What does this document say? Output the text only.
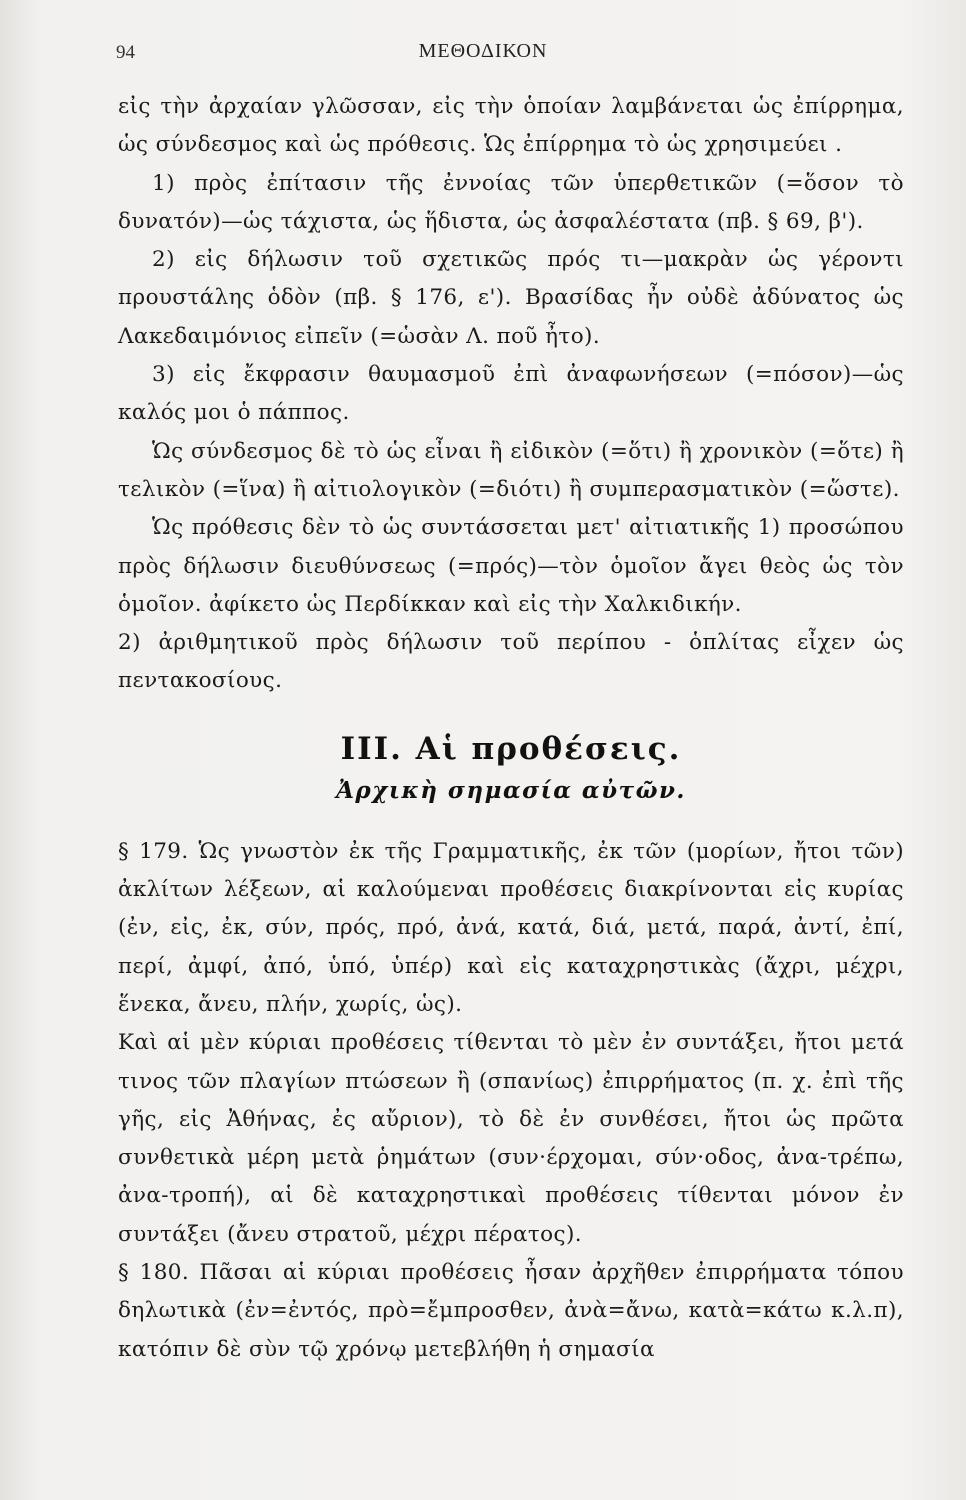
94	ΜΕΘΟΔΙΚΟΝ

εἰς τὴν ἀρχαίαν γλῶσσαν, εἰς τὴν ὁποίαν λαμβάνεται ὡς ἐπίρρημα, ὡς σύνδεσμος καὶ ὡς πρόθεσις. Ὡς ἐπίρρημα τὸ ὡς χρησιμεύει .

1) πρὸς ἐπίτασιν τῆς ἐννοίας τῶν ὑπερθετικῶν (=ὅσον τὸ δυνατόν)—ὡς τάχιστα, ὡς ἥδιστα, ὡς ἀσφαλέστατα (πβ. § 69, β').

2) εἰς δήλωσιν τοῦ σχετικῶς πρός τι—μακρὰν ὡς γέροντι προυστάλης ὁδὸν (πβ. § 176, ε'). Βρασίδας ἦν οὐδὲ ἀδύνατος ὡς Λακεδαιμόνιος εἰπεῖν (=ὡσὰν Λ. ποῦ ἦτο).

3) εἰς ἔκφρασιν θαυμασμοῦ ἐπὶ ἀναφωνήσεων (=πόσον)—ὡς καλός μοι ὁ πάππος.

Ὡς σύνδεσμος δὲ τὸ ὡς εἶναι ἢ εἰδικὸν (=ὅτι) ἢ χρονικὸν (=ὅτε) ἢ τελικὸν (=ἵνα) ἢ αἰτιολογικὸν (=διότι) ἢ συμπερασματικὸν (=ὥστε).

Ὡς πρόθεσις δὲν τὸ ὡς συντάσσεται μετ' αἰτιατικῆς 1) προσώπου πρὸς δήλωσιν διευθύνσεως (=πρός)—τὸν ὁμοῖον ἄγει θεὸς ὡς τὸν ὁμοῖον. ἀφίκετο ὡς Περδίκκαν καὶ εἰς τὴν Χαλκιδικήν.

2) ἀριθμητικοῦ πρὸς δήλωσιν τοῦ περίπου - ὁπλίτας εἶχεν ὡς πεντακοσίους.

ΙΙΙ. Αἱ προθέσεις.
Ἀρχικὴ σημασία αὐτῶν.

§ 179. Ὡς γνωστὸν ἐκ τῆς Γραμματικῆς, ἐκ τῶν (μορίων, ἤτοι τῶν) ἀκλίτων λέξεων, αἱ καλούμεναι προθέσεις διακρίνονται εἰς κυρίας (ἐν, εἰς, ἐκ, σύν, πρός, πρό, ἀνά, κατά, διά, μετά, παρά, ἀντί, ἐπί, περί, ἀμφί, ἀπό, ὑπό, ὑπέρ) καὶ εἰς καταχρηστικὰς (ἄχρι, μέχρι, ἕνεκα, ἄνευ, πλήν, χωρίς, ὡς).

Καὶ αἱ μὲν κύριαι προθέσεις τίθενται τὸ μὲν ἐν συντάξει, ἤτοι μετά τινος τῶν πλαγίων πτώσεων ἢ (σπανίως) ἐπιρρήματος (π. χ. ἐπὶ τῆς γῆς, εἰς Ἀθήνας, ἐς αὔριον), τὸ δὲ ἐν συνθέσει, ἤτοι ὡς πρῶτα συνθετικὰ μέρη μετὰ ῥημάτων (συν·έρχομαι, σύν·οδος, ἀνα-τρέπω, ἀνα-τροπή), αἱ δὲ καταχρηστικαὶ προθέσεις τίθενται μόνον ἐν συντάξει (ἄνευ στρατοῦ, μέχρι πέρατος).

§ 180. Πᾶσαι αἱ κύριαι προθέσεις ἦσαν ἀρχῆθεν ἐπιρρήματα τόπου δηλωτικὰ (ἐν=ἐντός, πρὸ=ἔμπροσθεν, ἀνὰ=ἄνω, κατὰ=κάτω κ.λ.π), κατόπιν δὲ σὺν τῷ χρόνῳ μετεβλήθη ἡ σημασία
